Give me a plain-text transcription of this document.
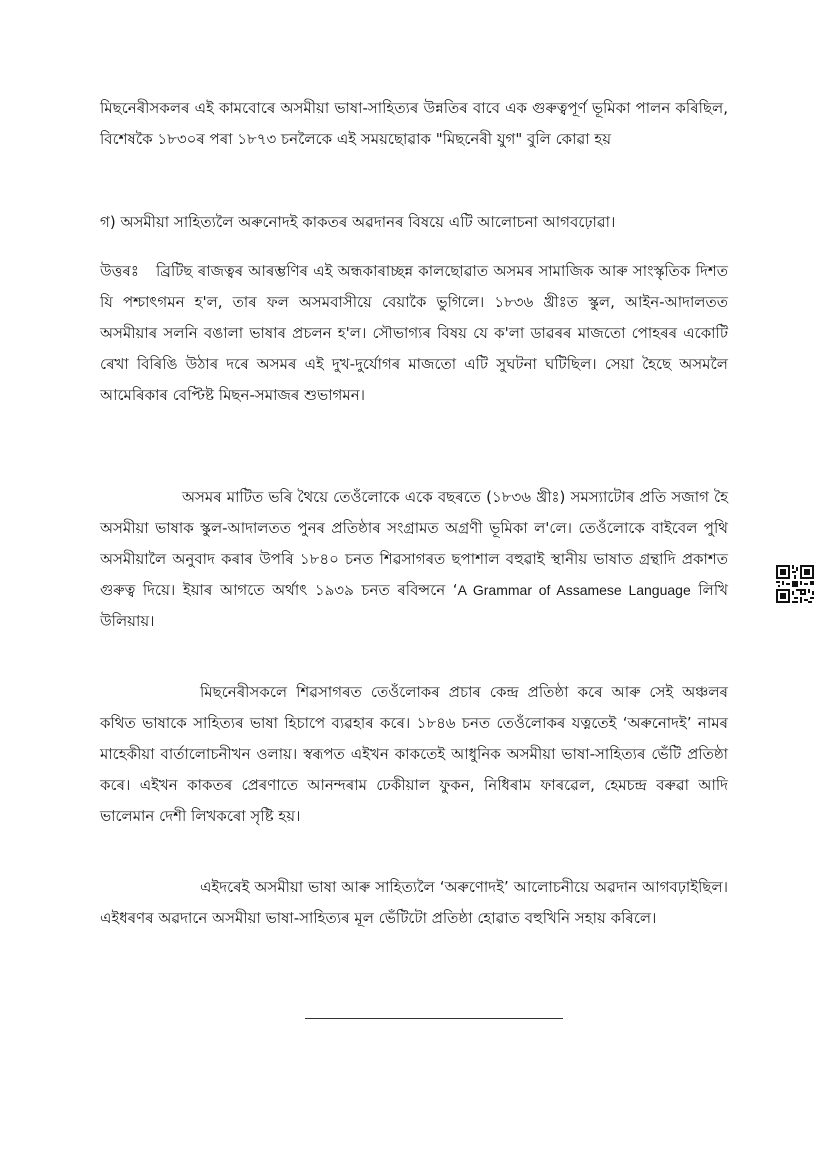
মিছনেৰীসকলৰ এই কামবোৰে অসমীয়া ভাষা-সাহিত্যৰ উন্নতিৰ বাবে এক গুৰুত্বপূৰ্ণ ভূমিকা পালন কৰিছিল, বিশেষকৈ ১৮৩০ৰ পৰা ১৮৭৩ চনলৈকে এই সময়ছোৱাক "মিছনেৰী যুগ" বুলি কোৱা হয়

গ) অসমীয়া সাহিত্যলৈ অৰুনোদই কাকতৰ অৱদানৰ বিষয়ে এটি আলোচনা আগবঢ়োৱা।

উত্তৰঃ ব্ৰিটিছ ৰাজত্বৰ আৰম্ভণিৰ এই অন্ধকাৰাচ্ছন্ন কালছোৱাত অসমৰ সামাজিক আৰু সাংস্কৃতিক দিশত যি পশ্চাৎগমন হ'ল, তাৰ ফল অসমবাসীয়ে বেয়াকৈ ভুগিলে। ১৮৩৬ খ্ৰীঃত স্কুল, আইন-আদালতত অসমীয়াৰ সলনি বঙালা ভাষাৰ প্ৰচলন হ'ল। সৌভাগ্যৰ বিষয় যে ক'লা ডাৱৰৰ মাজতো পোহৰৰ একোটি ৰেখা বিৰিঙি উঠাৰ দৰে অসমৰ এই দুখ-দুৰ্যোগৰ মাজতো এটি সুঘটনা ঘটিছিল। সেয়া হৈছে অসমলৈ আমেৰিকাৰ বেপ্টিষ্ট মিছন-সমাজৰ শুভাগমন।

অসমৰ মাটিত ভৰি থৈয়ে তেওঁলোকে একে বছৰতে (১৮৩৬ খ্ৰীঃ) সমস্যাটোৰ প্ৰতি সজাগ হৈ অসমীয়া ভাষাক স্কুল-আদালতত পুনৰ প্ৰতিষ্ঠাৰ সংগ্ৰামত অগ্ৰণী ভূমিকা ল'লে। তেওঁলোকে বাইবেল পুথি অসমীয়ালৈ অনুবাদ কৰাৰ উপৰি ১৮৪০ চনত শিৱসাগৰত ছপাশাল বহুৱাই স্থানীয় ভাষাত গ্ৰন্থাদি প্ৰকাশত গুৰুত্ব দিয়ে। ইয়াৰ আগতে অৰ্থাৎ ১৯৩৯ চনত ৰবিন্সনে ‘A Grammar of Assamese Language লিখি উলিয়ায়।

মিছনেৰীসকলে শিৱসাগৰত তেওঁলোকৰ প্ৰচাৰ কেন্দ্ৰ প্ৰতিষ্ঠা কৰে আৰু সেই অঞ্চলৰ কথিত ভাষাকে সাহিত্যৰ ভাষা হিচাপে ব্যৱহাৰ কৰে। ১৮৪৬ চনত তেওঁলোকৰ যত্নতেই ‘অৰুনোদই’ নামৰ মাহেকীয়া বাৰ্তালোচনীখন ওলায়। স্বৰূপত এইখন কাকতেই আধুনিক অসমীয়া ভাষা-সাহিত্যৰ ভেঁটি প্ৰতিষ্ঠা কৰে। এইখন কাকতৰ প্ৰেৰণাতে আনন্দৰাম ঢেকীয়াল ফুকন, নিধিৰাম ফাৰৱেল, হেমচন্দ্ৰ বৰুৱা আদি ভালেমান দেশী লিখকৰো সৃষ্টি হয়।

এইদৰেই অসমীয়া ভাষা আৰু সাহিত্যলৈ ‘অৰুণোদই’ আলোচনীয়ে অৱদান আগবঢ়াইছিল। এইধৰণৰ অৱদানে অসমীয়া ভাষা-সাহিত্যৰ মূল ভেঁটিটো প্ৰতিষ্ঠা হোৱাত বহুখিনি সহায় কৰিলে।
